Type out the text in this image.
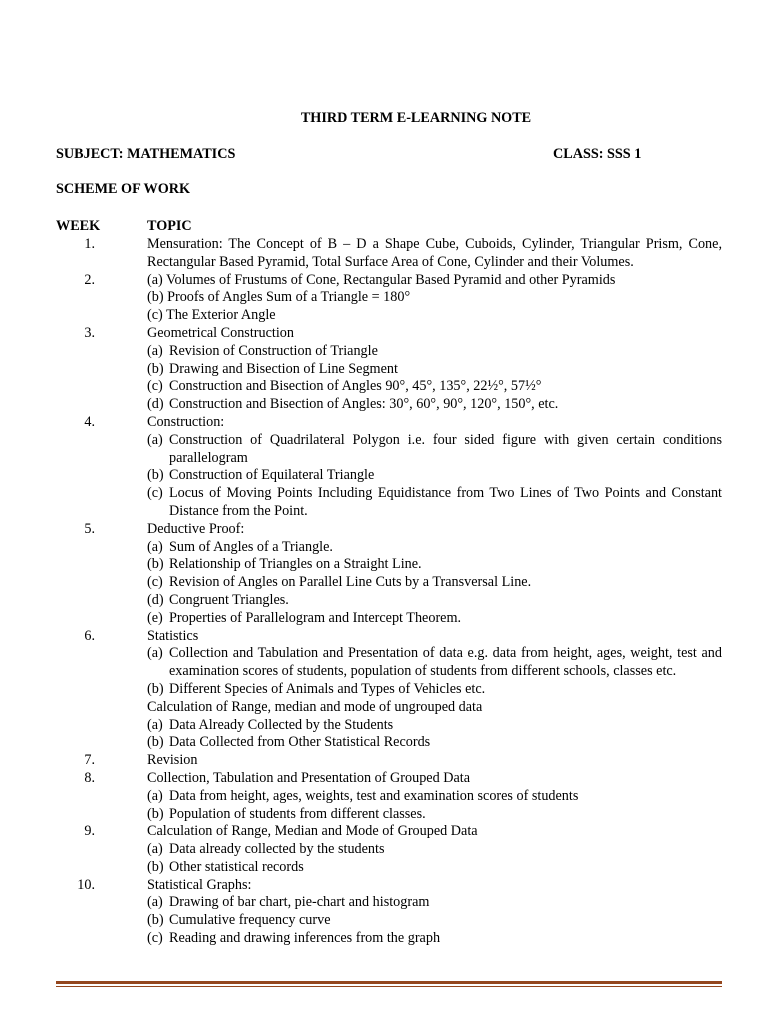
THIRD TERM E-LEARNING NOTE
SUBJECT: MATHEMATICS	CLASS: SSS 1
SCHEME OF WORK
WEEK	TOPIC
1.	Mensuration: The Concept of B – D a Shape Cube, Cuboids, Cylinder, Triangular Prism, Cone, Rectangular Based Pyramid, Total Surface Area of Cone, Cylinder and their Volumes.
2.	(a) Volumes of Frustums of Cone, Rectangular Based Pyramid and other Pyramids
(b) Proofs of Angles Sum of a Triangle = 180°
(c) The Exterior Angle
3.	Geometrical Construction
(a) Revision of Construction of Triangle
(b) Drawing and Bisection of Line Segment
(c) Construction and Bisection of Angles 90°, 45°, 135°, 22½°, 57½°
(d) Construction and Bisection of Angles: 30°, 60°, 90°, 120°, 150°, etc.
4.	Construction:
(a) Construction of Quadrilateral Polygon i.e. four sided figure with given certain conditions parallelogram
(b) Construction of Equilateral Triangle
(c) Locus of Moving Points Including Equidistance from Two Lines of Two Points and Constant Distance from the Point.
5.	Deductive Proof:
(a) Sum of Angles of a Triangle.
(b) Relationship of Triangles on a Straight Line.
(c) Revision of Angles on Parallel Line Cuts by a Transversal Line.
(d) Congruent Triangles.
(e) Properties of Parallelogram and Intercept Theorem.
6.	Statistics
(a) Collection and Tabulation and Presentation of data e.g. data from height, ages, weight, test and examination scores of students, population of students from different schools, classes etc.
(b) Different Species of Animals and Types of Vehicles etc.
Calculation of Range, median and mode of ungrouped data
(a) Data Already Collected by the Students
(b) Data Collected from Other Statistical Records
7.	Revision
8.	Collection, Tabulation and Presentation of Grouped Data
(a) Data from height, ages, weights, test and examination scores of students
(b) Population of students from different classes.
9.	Calculation of Range, Median and Mode of Grouped Data
(a) Data already collected by the students
(b) Other statistical records
10.	Statistical Graphs:
(a) Drawing of bar chart, pie-chart and histogram
(b) Cumulative frequency curve
(c) Reading and drawing inferences from the graph
